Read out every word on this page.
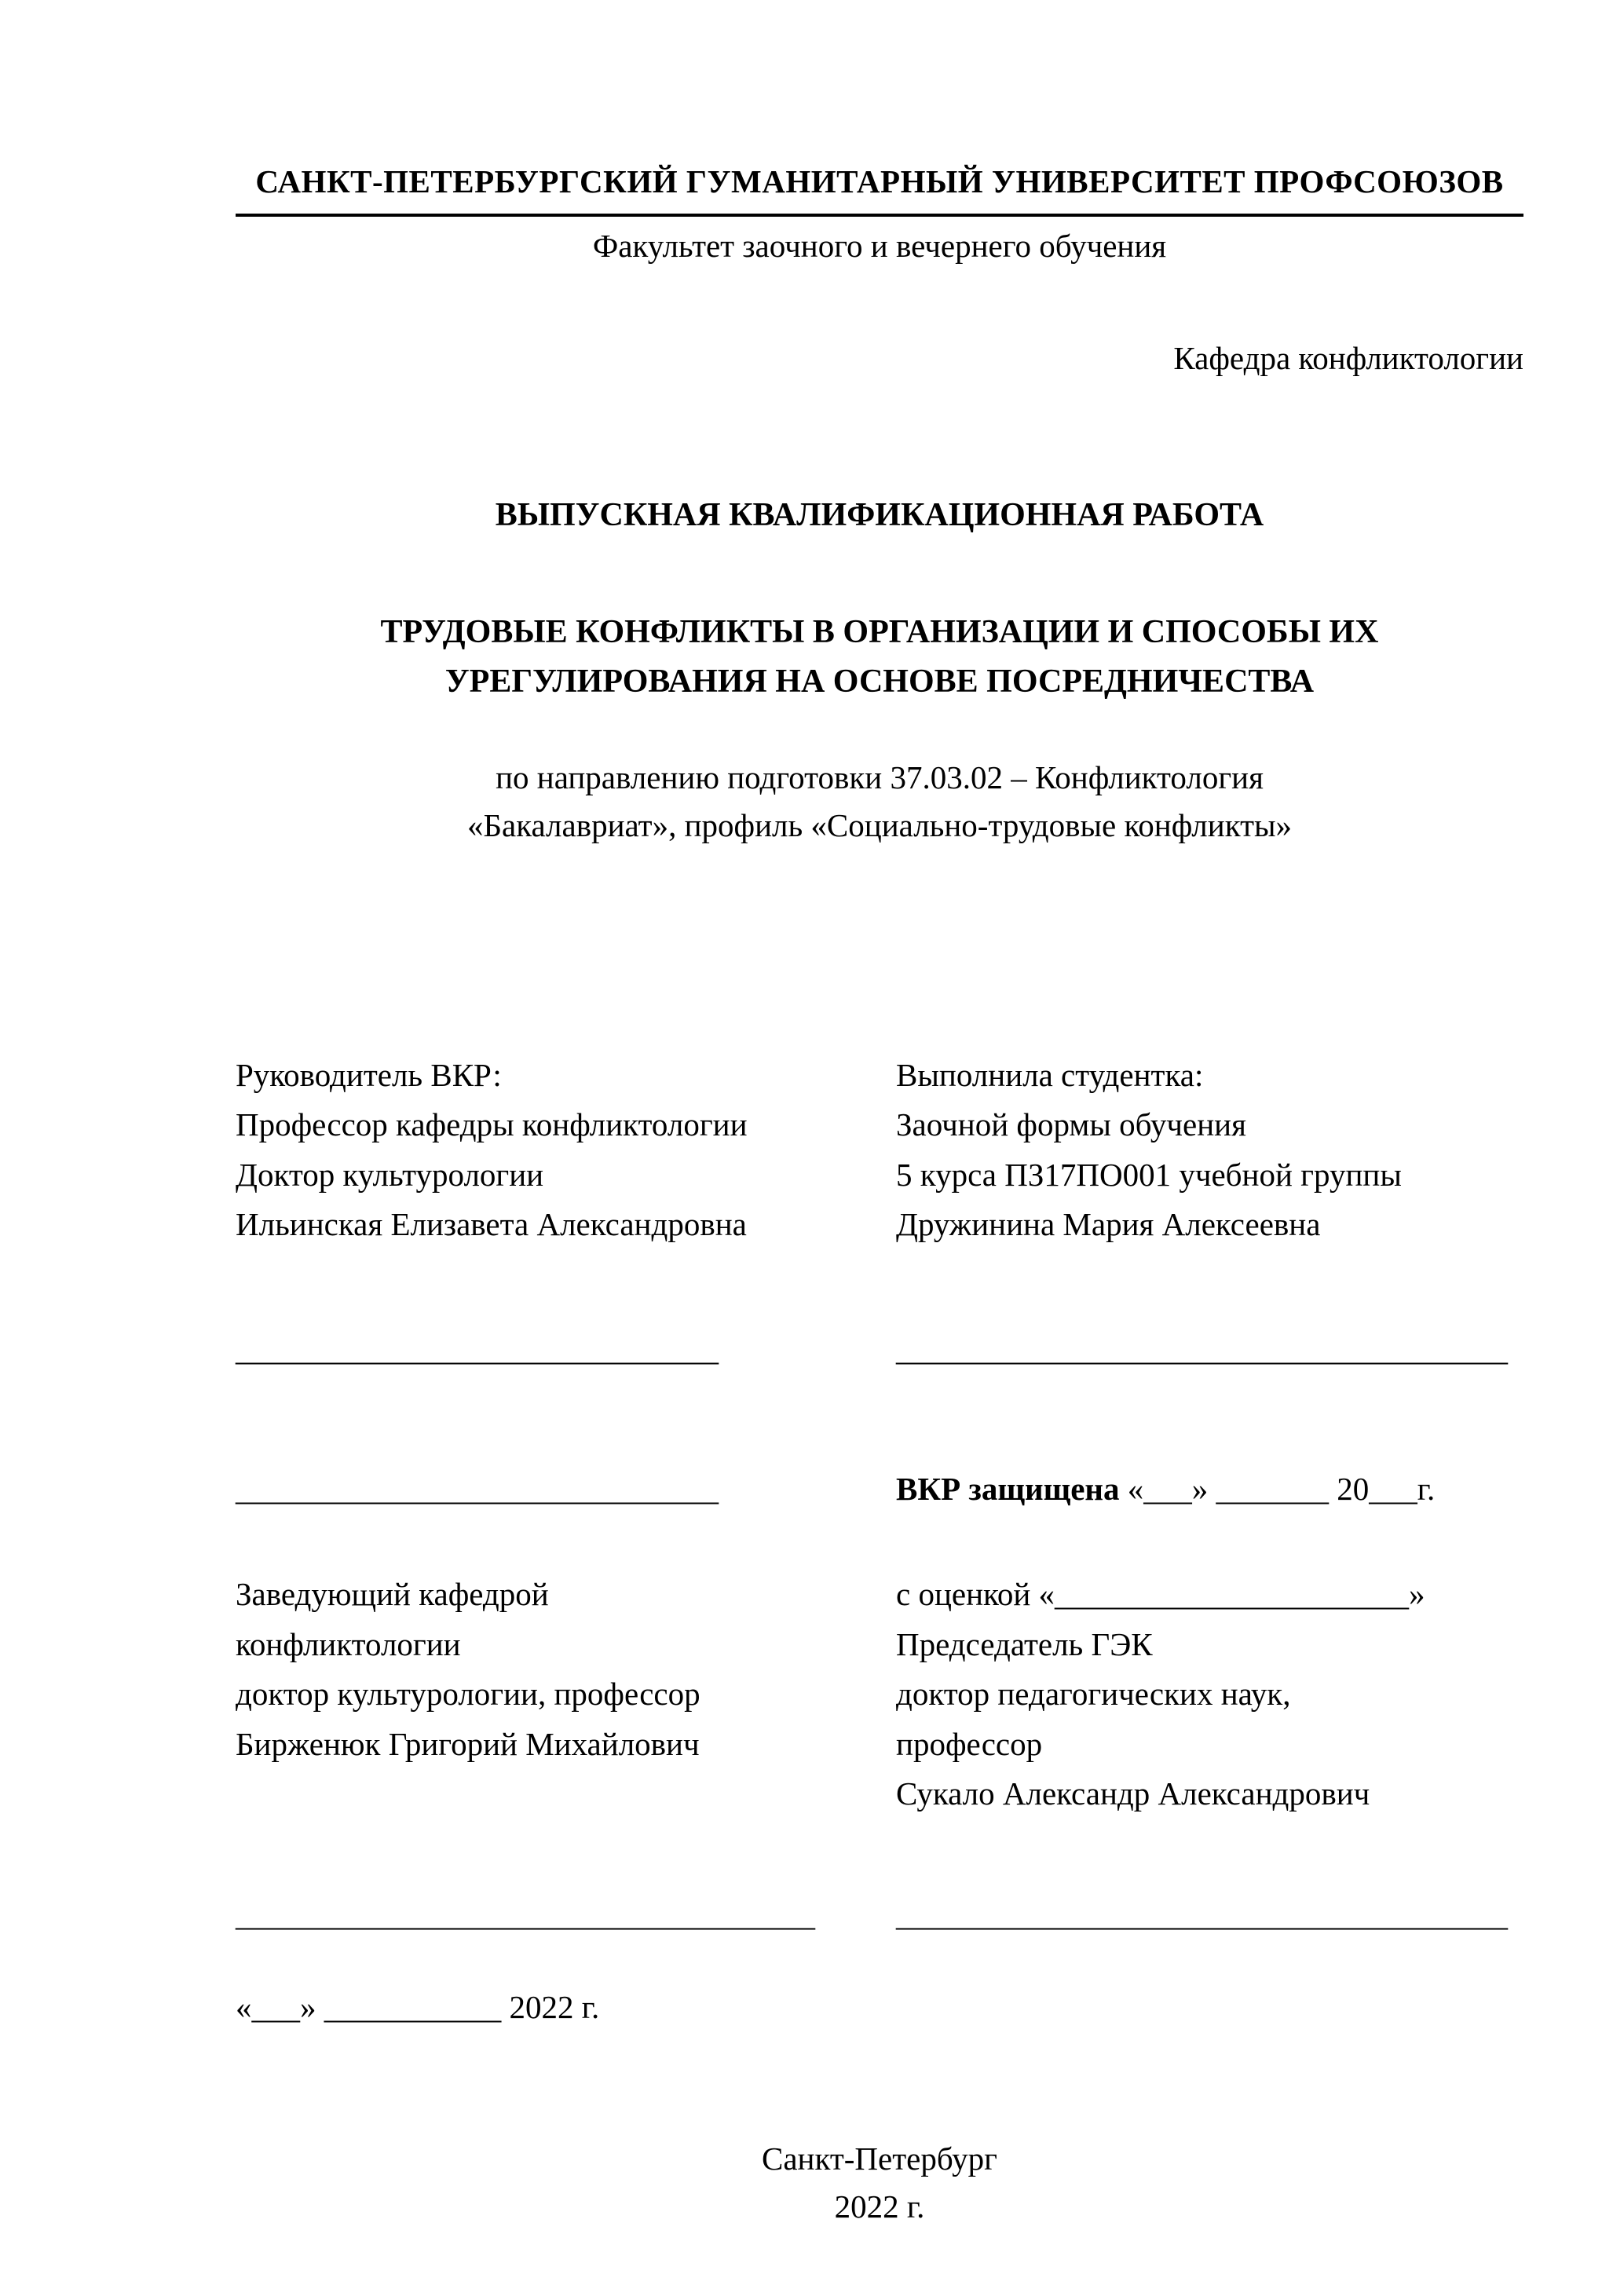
САНКТ-ПЕТЕРБУРГСКИЙ ГУМАНИТАРНЫЙ УНИВЕРСИТЕТ ПРОФСОЮЗОВ
Факультет заочного и вечернего обучения
Кафедра конфликтологии
ВЫПУСКНАЯ КВАЛИФИКАЦИОННАЯ РАБОТА
ТРУДОВЫЕ КОНФЛИКТЫ В ОРГАНИЗАЦИИ И СПОСОБЫ ИХ
УРЕГУЛИРОВАНИЯ НА ОСНОВЕ ПОСРЕДНИЧЕСТВА
по направлению подготовки 37.03.02 – Конфликтология
«Бакалавриат», профиль «Социально-трудовые конфликты»
Руководитель ВКР:
Профессор кафедры конфликтологии
Доктор культурологии
Ильинская Елизавета Александровна
Выполнила студентка:
Заочной формы обучения
5 курса ПЗ17ПО001 учебной группы
Дружинина Мария Алексеевна
______________________________	______________________________________
______________________________	ВКР защищена «___» _______ 20___г.
Заведующий кафедрой
конфликтологии
доктор культурологии, профессор
Бирженюк Григорий Михайлович
с оценкой «______________________»
Председатель ГЭК
доктор педагогических наук,
профессор
Сукало Александр Александрович
____________________________________	______________________________________
«___» ___________ 2022 г.
Санкт-Петербург
2022 г.
